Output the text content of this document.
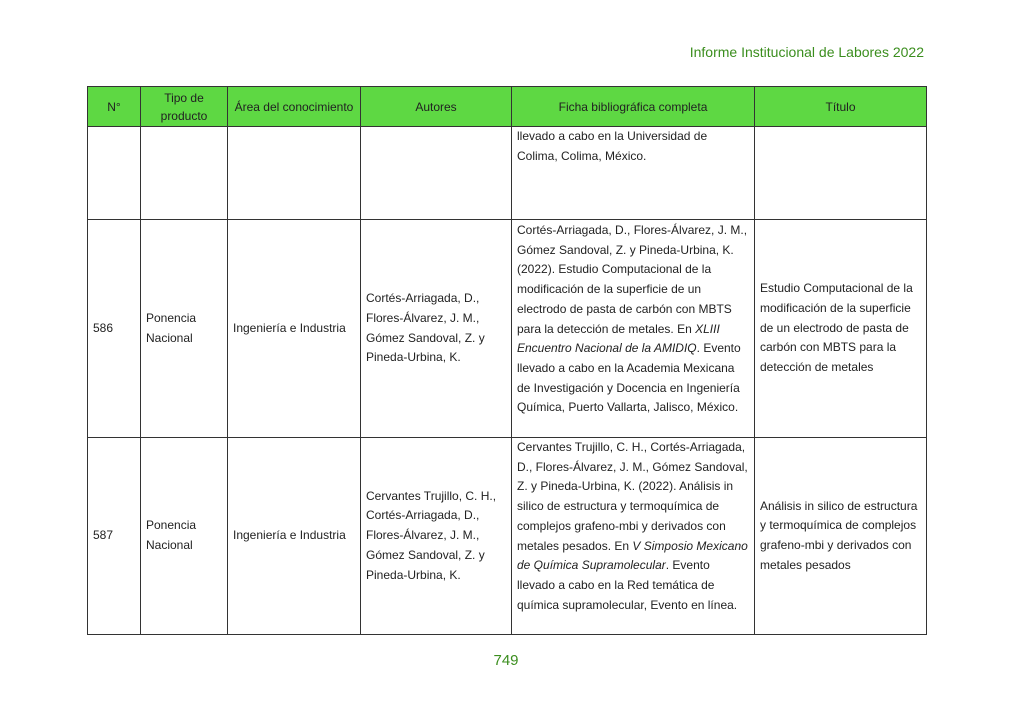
Informe Institucional de Labores 2022
N°	Tipo de producto	Área del conocimiento	Autores	Ficha bibliográfica completa	Título
				llevado a cabo en la Universidad de Colima, Colima, México.	
586	Ponencia Nacional	Ingeniería e Industria	Cortés-Arriagada, D., Flores-Álvarez, J. M., Gómez Sandoval, Z. y Pineda-Urbina, K.	Cortés-Arriagada, D., Flores-Álvarez, J. M., Gómez Sandoval, Z. y Pineda-Urbina, K. (2022). Estudio Computacional de la modificación de la superficie de un electrodo de pasta de carbón con MBTS para la detección de metales. En XLIII Encuentro Nacional de la AMIDIQ. Evento llevado a cabo en la Academia Mexicana de Investigación y Docencia en Ingeniería Química, Puerto Vallarta, Jalisco, México.	Estudio Computacional de la modificación de la superficie de un electrodo de pasta de carbón con MBTS para la detección de metales
587	Ponencia Nacional	Ingeniería e Industria	Cervantes Trujillo, C. H., Cortés-Arriagada, D., Flores-Álvarez, J. M., Gómez Sandoval, Z. y Pineda-Urbina, K.	Cervantes Trujillo, C. H., Cortés-Arriagada, D., Flores-Álvarez, J. M., Gómez Sandoval, Z. y Pineda-Urbina, K. (2022). Análisis in silico de estructura y termoquímica de complejos grafeno-mbi y derivados con metales pesados. En V Simposio Mexicano de Química Supramolecular. Evento llevado a cabo en la Red temática de química supramolecular, Evento en línea.	Análisis in silico de estructura y termoquímica de complejos grafeno-mbi y derivados con metales pesados
749
